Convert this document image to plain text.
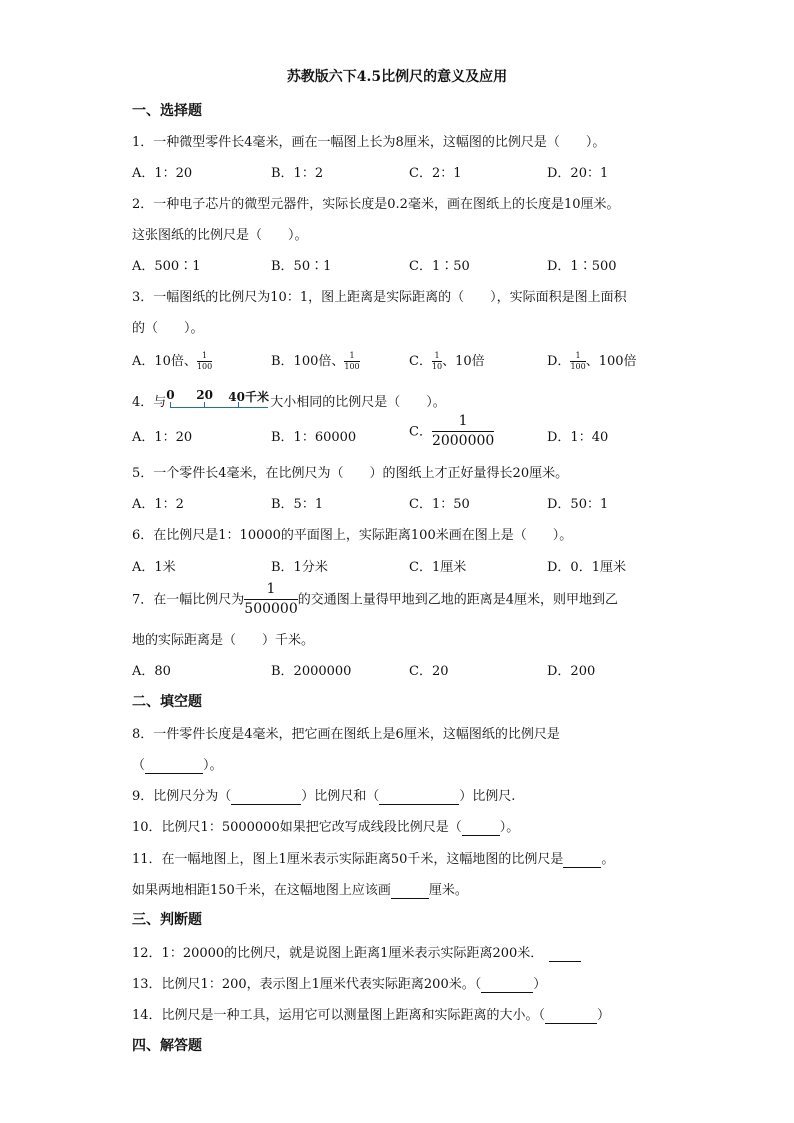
苏教版六下4.5比例尺的意义及应用
一、选择题
1．一种微型零件长4毫米，画在一幅图上长为8厘米，这幅图的比例尺是（　　）。
A．1：20	B．1：2	C．2：1	D．20：1
2．一种电子芯片的微型元器件，实际长度是0.2毫米，画在图纸上的长度是10厘米。
这张图纸的比例尺是（　　）。
A．500∶1	B．50∶1	C．1∶50	D．1∶500
3．一幅图纸的比例尺为10：1，图上距离是实际距离的（　　），实际面积是图上面积
的（　　）。
A．10倍、 $\frac{1}{100}$	B．100倍、 $\frac{1}{100}$	C． $\frac{1}{10}$ 、10倍	D． $\frac{1}{100}$ 、100倍
4．与 0 20 40千米 大小相同的比例尺是（　　）。
A．1：20	B．1：60000	C． $\frac{1}{2000000}$	D．1：40
5．一个零件长4毫米，在比例尺为（　　）的图纸上才正好量得长20厘米。
A．1：2	B．5：1	C．1：50	D．50：1
6．在比例尺是1：10000的平面图上，实际距离100米画在图上是（　　）。
A．1米	B．1分米	C．1厘米	D．0．1厘米
7．在一幅比例尺为 $\frac{1}{500000}$ 的交通图上量得甲地到乙地的距离是4厘米，则甲地到乙
地的实际距离是（　　）千米。
A．80	B．2000000	C．20	D．200
二、填空题
8．一件零件长度是4毫米，把它画在图纸上是6厘米，这幅图纸的比例尺是
（	）。
9．比例尺分为（	）比例尺和（	）比例尺.
10．比例尺1：5000000如果把它改写成线段比例尺是（	）。
11．在一幅地图上，图上1厘米表示实际距离50千米，这幅地图的比例尺是	。
如果两地相距150千米，在这幅地图上应该画	厘米。
三、判断题
12．1：20000的比例尺，就是说图上距离1厘米表示实际距离200米．
13．比例尺1：200，表示图上1厘米代表实际距离200米。（	）
14．比例尺是一种工具，运用它可以测量图上距离和实际距离的大小。（	）
四、解答题
